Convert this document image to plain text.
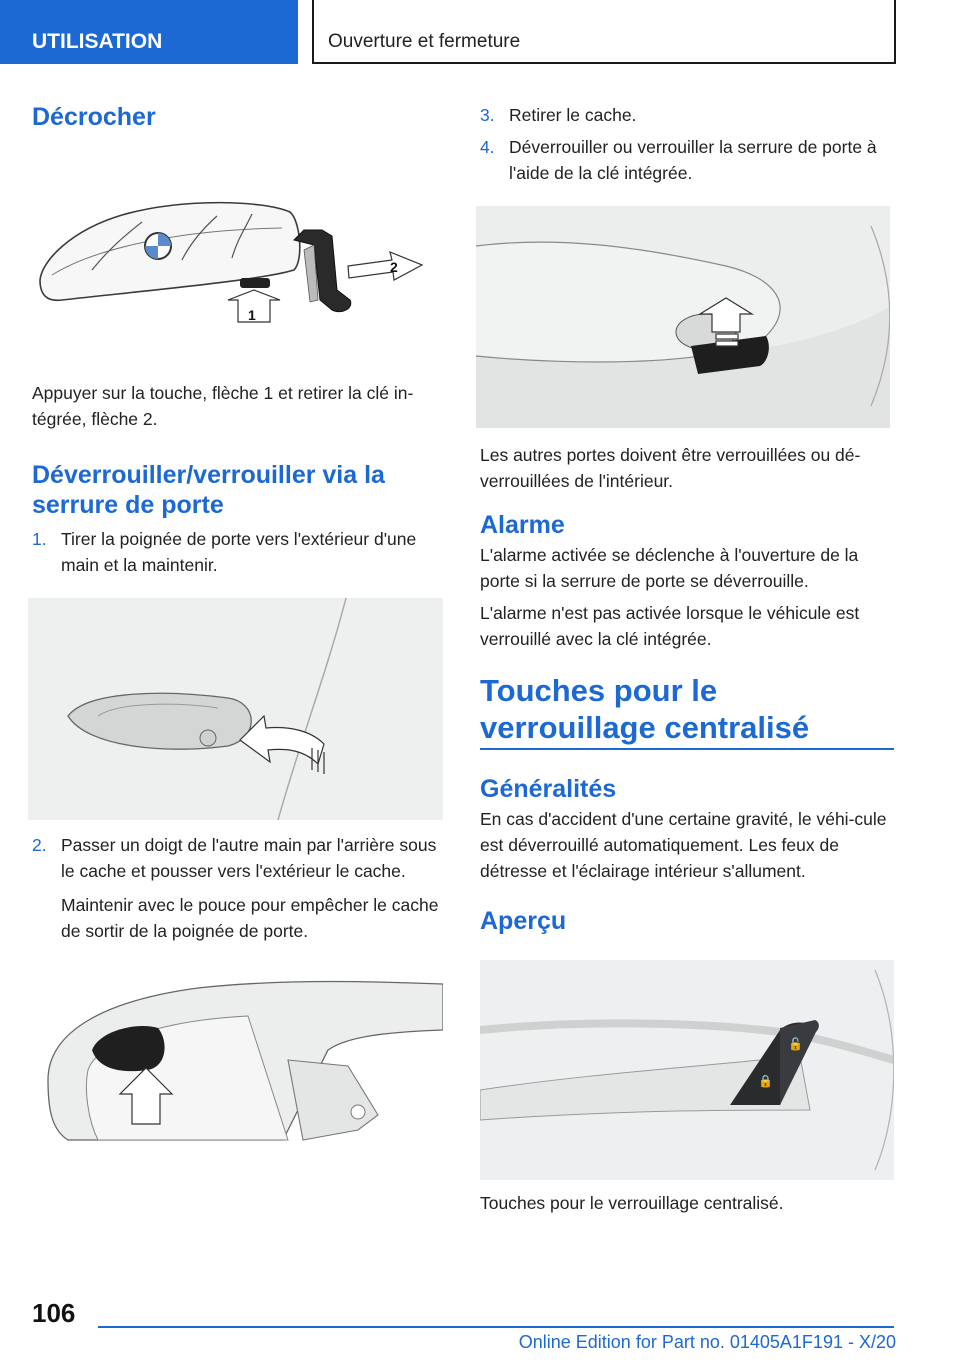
UTILISATION	Ouverture et fermeture
Décrocher
1
2

Appuyer sur la touche, flèche 1 et retirer la clé in-tégrée, flèche 2.

Déverrouiller/verrouiller via la
serrure de porte
1. Tirer la poignée de porte vers l'extérieur d'une main et la maintenir.
2. Passer un doigt de l'autre main par l'arrière sous le cache et pousser vers l'extérieur le cache.
Maintenir avec le pouce pour empêcher le cache de sortir de la poignée de porte.
3. Retirer le cache.
4. Déverrouiller ou verrouiller la serrure de porte à l'aide de la clé intégrée.

Les autres portes doivent être verrouillées ou dé-verrouillées de l'intérieur.

Alarme

L'alarme activée se déclenche à l'ouverture de la porte si la serrure de porte se déverrouille.

L'alarme n'est pas activée lorsque le véhicule est verrouillé avec la clé intégrée.

Touches pour le
verrouillage centralisé
Généralités

En cas d'accident d'une certaine gravité, le véhi-cule est déverrouillé automatiquement. Les feux de détresse et l'éclairage intérieur s'allument.

Aperçu
🔒
🔓

Touches pour le verrouillage centralisé.

106
Online Edition for Part no. 01405A1F191 - X/20
